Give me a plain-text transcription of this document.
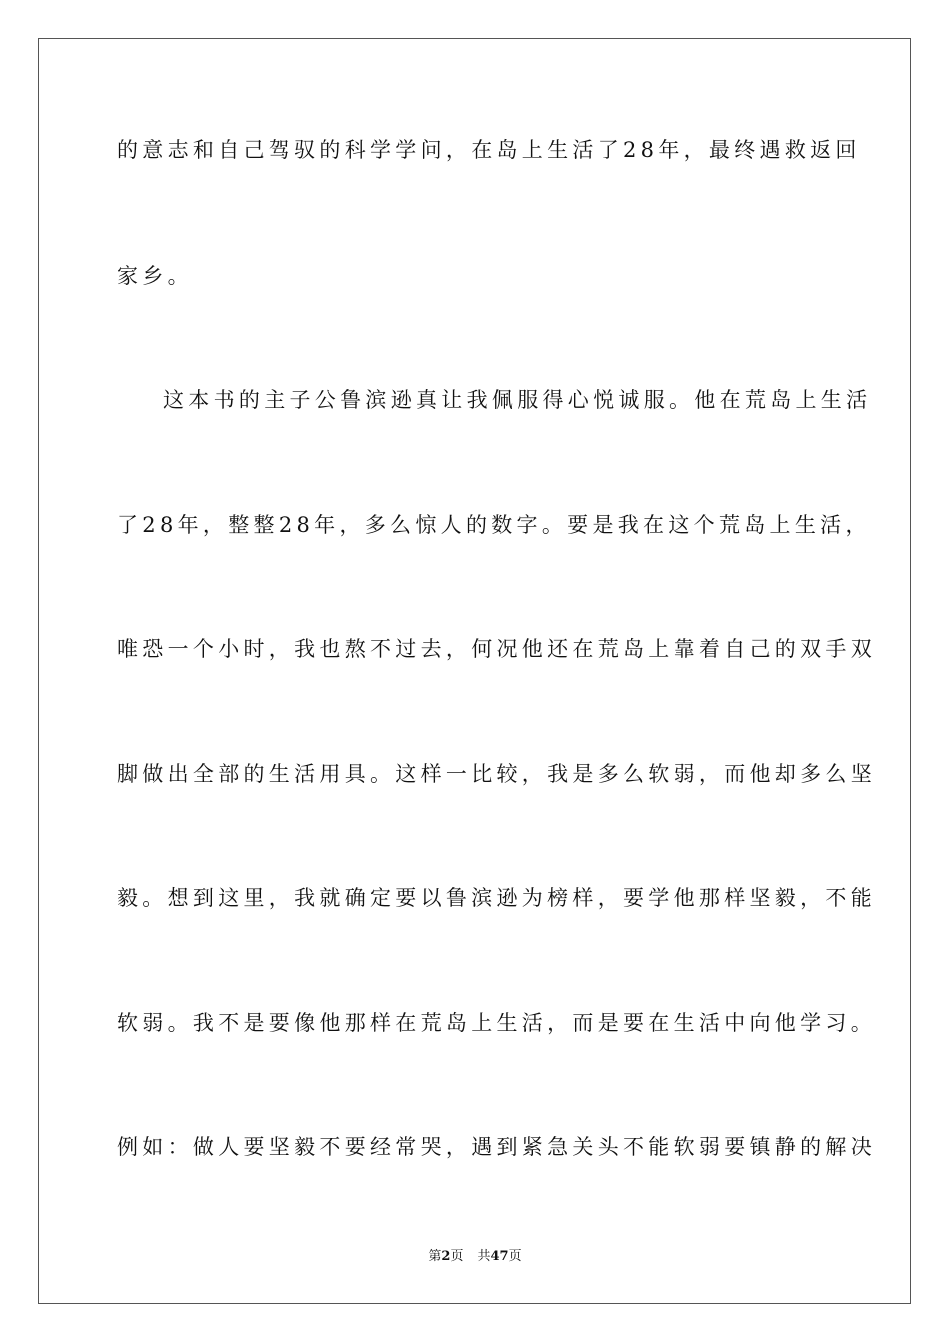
的意志和自己驾驭的科学学问，在岛上生活了28年，最终遇救返回
家乡。
这本书的主子公鲁滨逊真让我佩服得心悦诚服。他在荒岛上生活
了28年，整整28年，多么惊人的数字。要是我在这个荒岛上生活，
唯恐一个小时，我也熬不过去，何况他还在荒岛上靠着自己的双手双
脚做出全部的生活用具。这样一比较，我是多么软弱，而他却多么坚
毅。想到这里，我就确定要以鲁滨逊为榜样，要学他那样坚毅，不能
软弱。我不是要像他那样在荒岛上生活，而是要在生活中向他学习。
例如：做人要坚毅不要经常哭，遇到紧急关头不能软弱要镇静的解决
第2页 共47页
